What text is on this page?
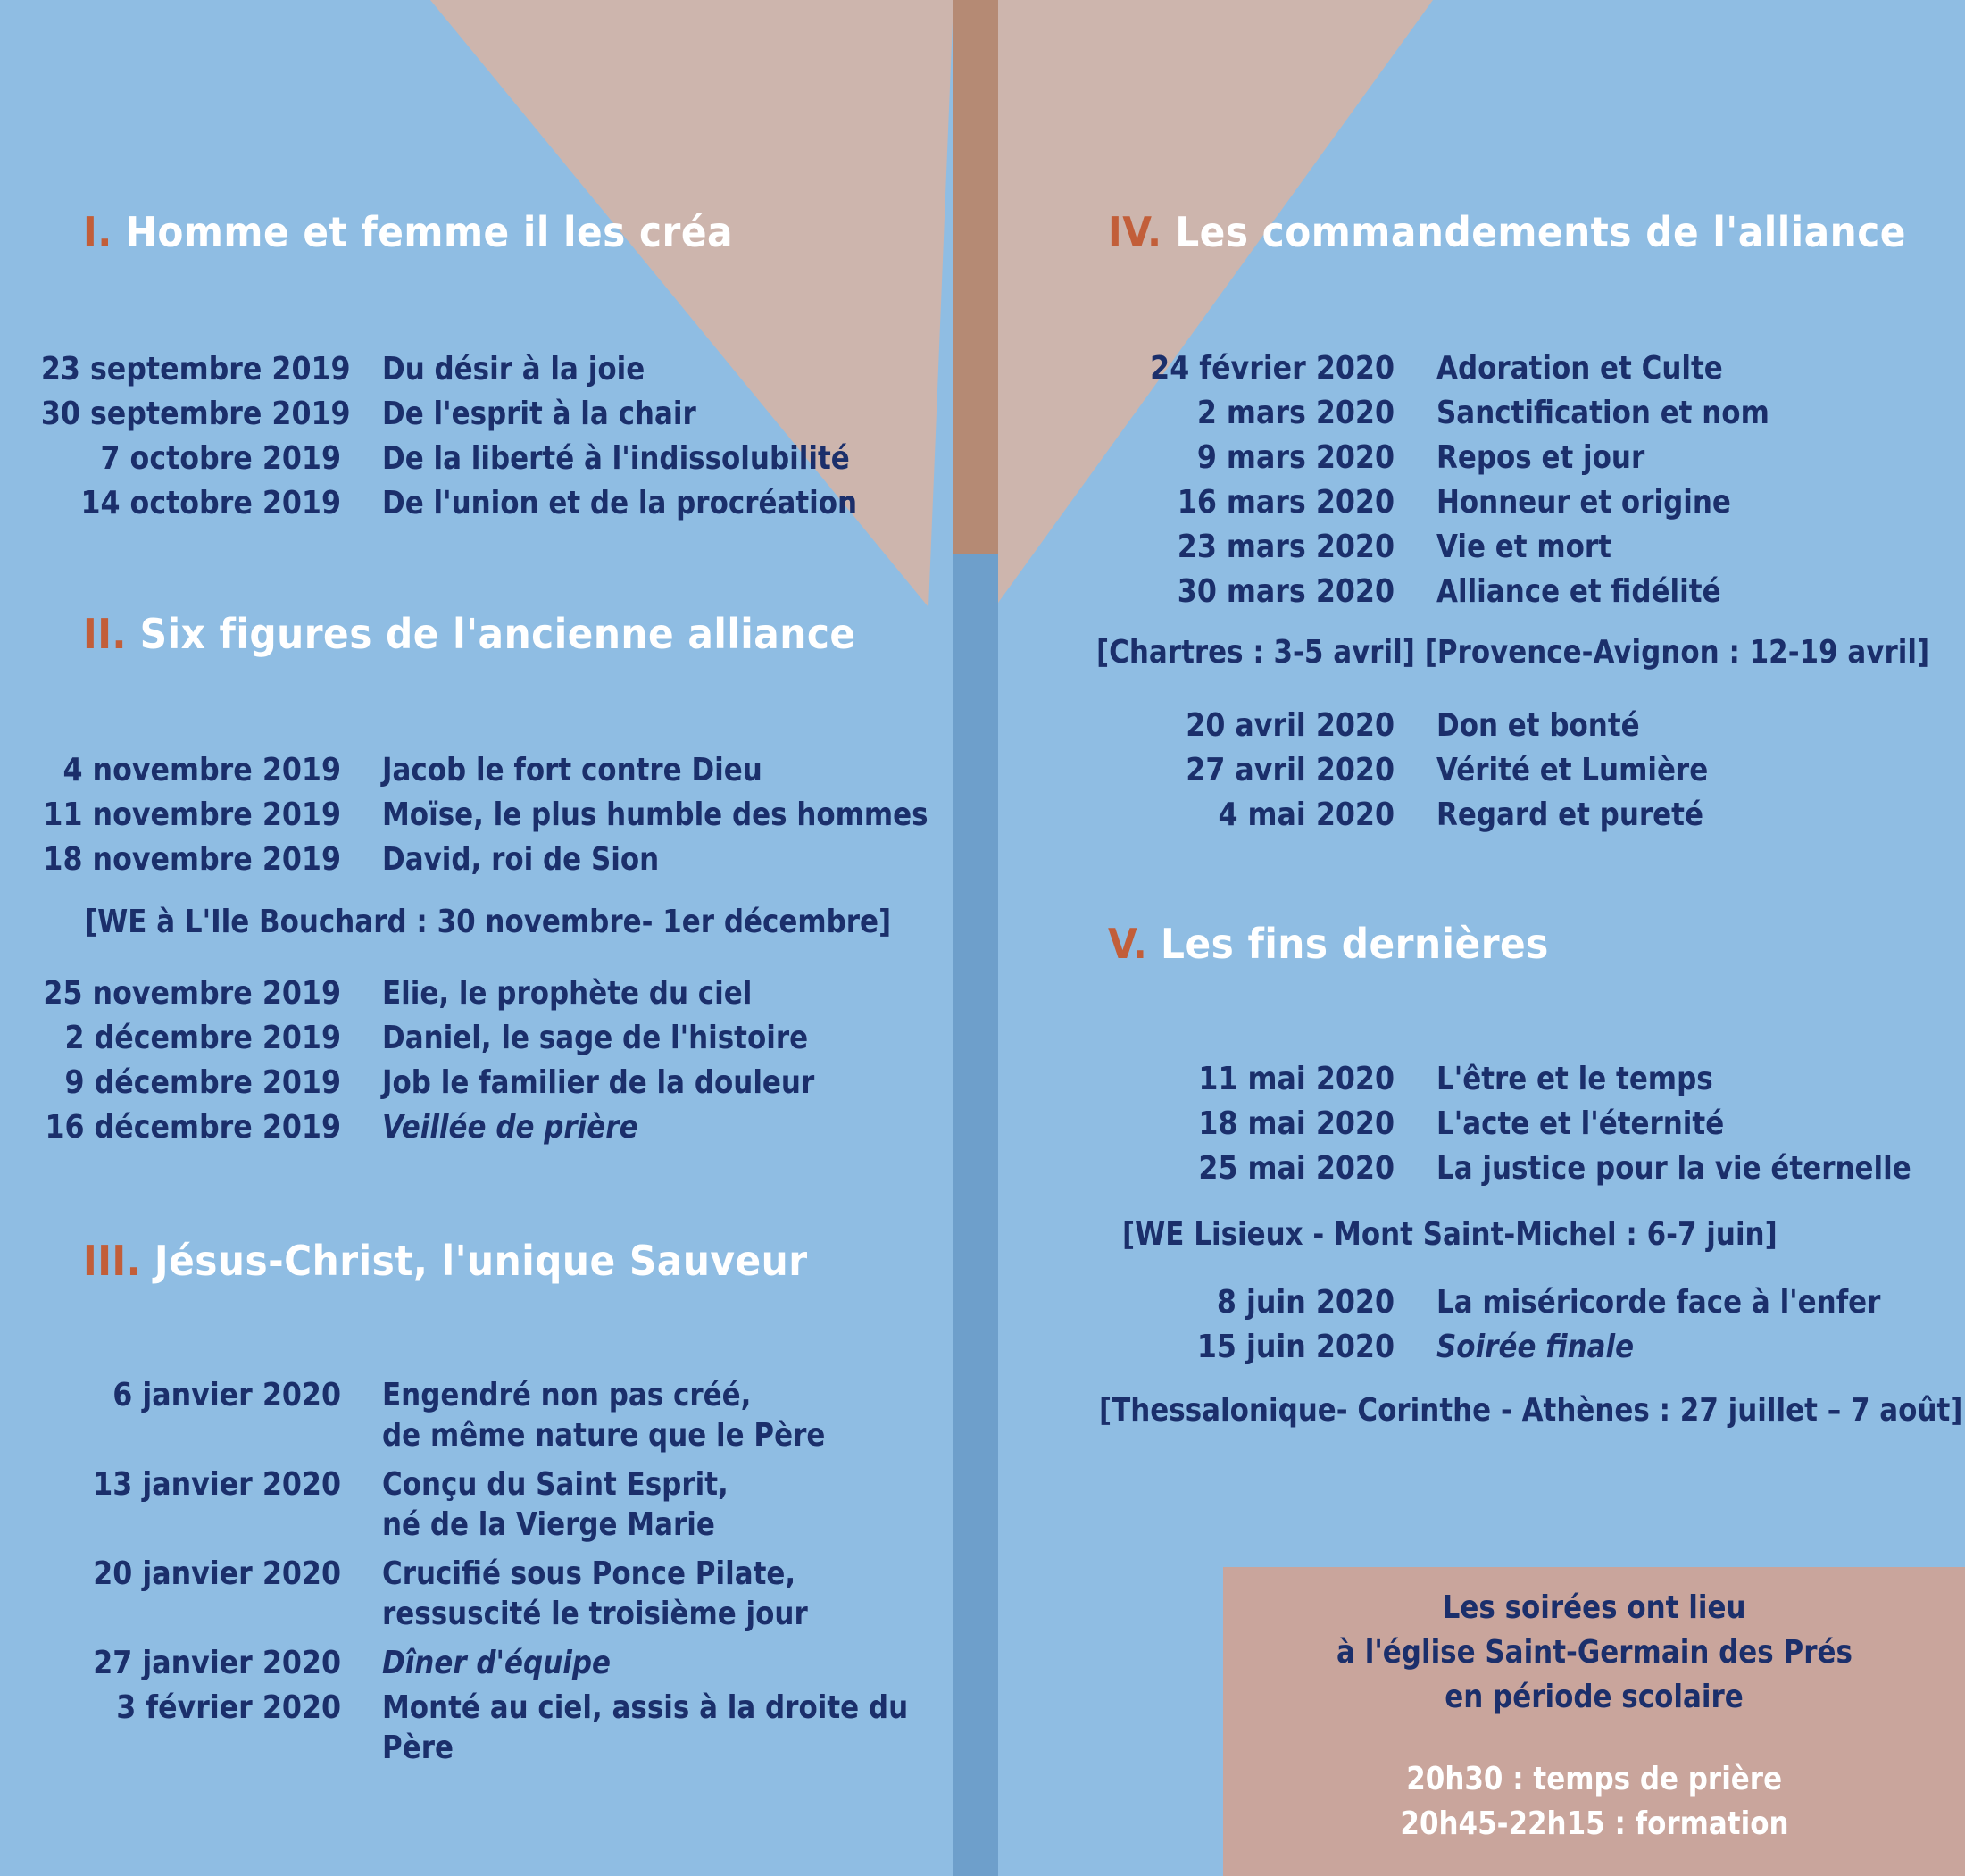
I. Homme et femme il les créa
23 septembre 2019 Du désir à la joie
30 septembre 2019 De l'esprit à la chair
7 octobre 2019 De la liberté à l'indissolubilité
14 octobre 2019 De l'union et de la procréation
II. Six figures de l'ancienne alliance
4 novembre 2019 Jacob le fort contre Dieu
11 novembre 2019 Moïse, le plus humble des hommes
18 novembre 2019 David, roi de Sion
[WE à L'Ile Bouchard : 30 novembre- 1er décembre]
25 novembre 2019 Elie, le prophète du ciel
2 décembre 2019 Daniel, le sage de l'histoire
9 décembre 2019 Job le familier de la douleur
16 décembre 2019 Veillée de prière
III. Jésus-Christ, l'unique Sauveur
6 janvier 2020 Engendré non pas créé,
de même nature que le Père
13 janvier 2020 Conçu du Saint Esprit,
né de la Vierge Marie
20 janvier 2020 Crucifié sous Ponce Pilate,
ressuscité le troisième jour
27 janvier 2020 Dîner d'équipe
3 février 2020 Monté au ciel, assis à la droite du
Père
IV. Les commandements de l'alliance
24 février 2020 Adoration et Culte
2 mars 2020 Sanctification et nom
9 mars 2020 Repos et jour
16 mars 2020 Honneur et origine
23 mars 2020 Vie et mort
30 mars 2020 Alliance et fidélité
[Chartres : 3-5 avril] [Provence-Avignon : 12-19 avril]
20 avril 2020 Don et bonté
27 avril 2020 Vérité et Lumière
4 mai 2020 Regard et pureté
V. Les fins dernières
11 mai 2020 L'être et le temps
18 mai 2020 L'acte et l'éternité
25 mai 2020 La justice pour la vie éternelle
[WE Lisieux - Mont Saint-Michel : 6-7 juin]
8 juin 2020 La miséricorde face à l'enfer
15 juin 2020 Soirée finale
[Thessalonique- Corinthe - Athènes : 27 juillet – 7 août]
Les soirées ont lieu
à l'église Saint-Germain des Prés
en période scolaire
20h30 : temps de prière
20h45-22h15 : formation
